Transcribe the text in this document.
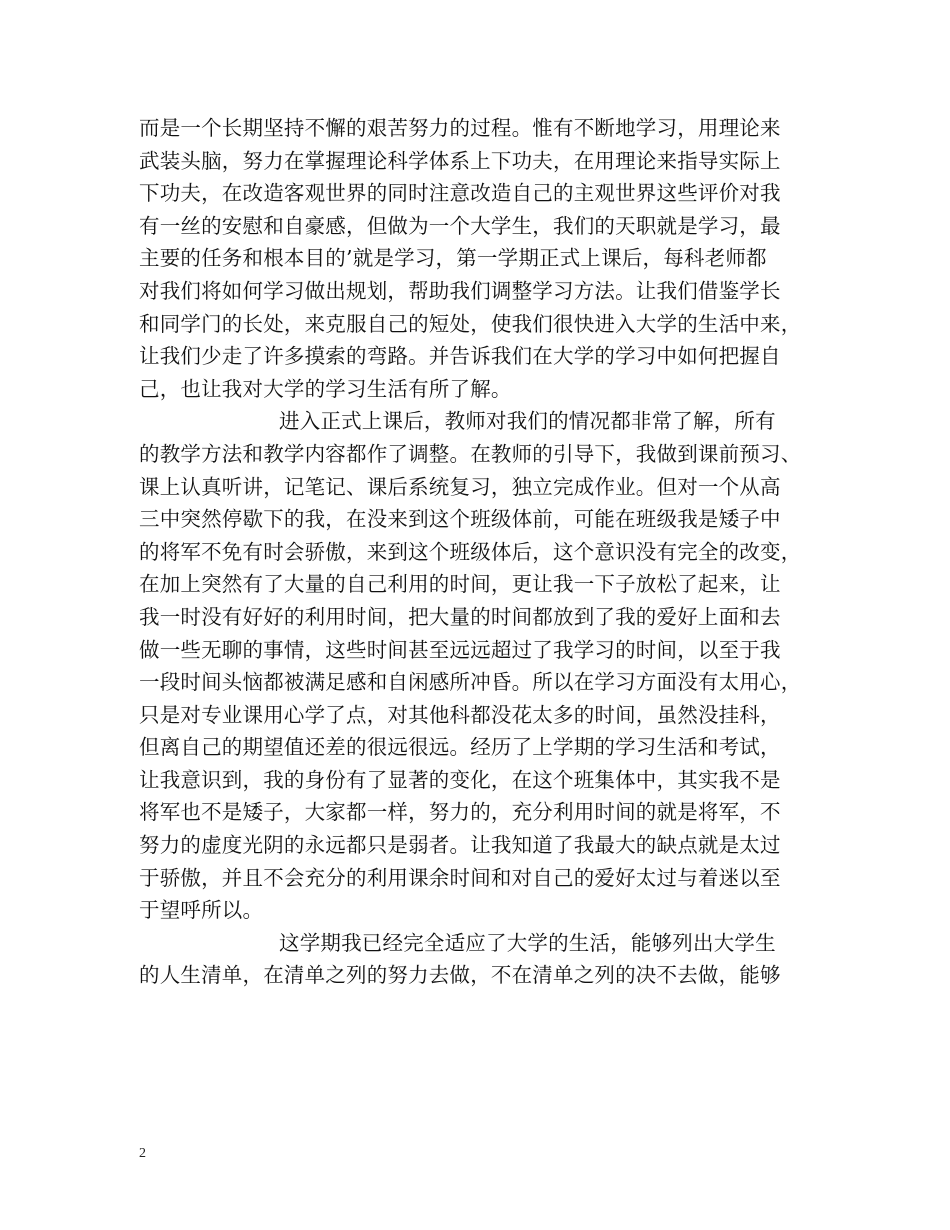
而是一个长期坚持不懈的艰苦努力的过程。惟有不断地学习，用理论来
武装头脑，努力在掌握理论科学体系上下功夫，在用理论来指导实际上
下功夫，在改造客观世界的同时注意改造自己的主观世界这些评价对我
有一丝的安慰和自豪感，但做为一个大学生，我们的天职就是学习，最
主要的任务和根本目的’就是学习，第一学期正式上课后，每科老师都
对我们将如何学习做出规划，帮助我们调整学习方法。让我们借鉴学长
和同学门的长处，来克服自己的短处，使我们很快进入大学的生活中来，
让我们少走了许多摸索的弯路。并告诉我们在大学的学习中如何把握自
己，也让我对大学的学习生活有所了解。
进入正式上课后，教师对我们的情况都非常了解，所有
的教学方法和教学内容都作了调整。在教师的引导下，我做到课前预习、
课上认真听讲，记笔记、课后系统复习，独立完成作业。但对一个从高
三中突然停歇下的我，在没来到这个班级体前，可能在班级我是矮子中
的将军不免有时会骄傲，来到这个班级体后，这个意识没有完全的改变，
在加上突然有了大量的自己利用的时间，更让我一下子放松了起来，让
我一时没有好好的利用时间，把大量的时间都放到了我的爱好上面和去
做一些无聊的事情，这些时间甚至远远超过了我学习的时间，以至于我
一段时间头恼都被满足感和自闲感所冲昏。所以在学习方面没有太用心，
只是对专业课用心学了点，对其他科都没花太多的时间，虽然没挂科，
但离自己的期望值还差的很远很远。经历了上学期的学习生活和考试，
让我意识到，我的身份有了显著的变化，在这个班集体中，其实我不是
将军也不是矮子，大家都一样，努力的，充分利用时间的就是将军，不
努力的虚度光阴的永远都只是弱者。让我知道了我最大的缺点就是太过
于骄傲，并且不会充分的利用课余时间和对自己的爱好太过与着迷以至
于望呼所以。
这学期我已经完全适应了大学的生活，能够列出大学生
的人生清单，在清单之列的努力去做，不在清单之列的决不去做，能够
2
